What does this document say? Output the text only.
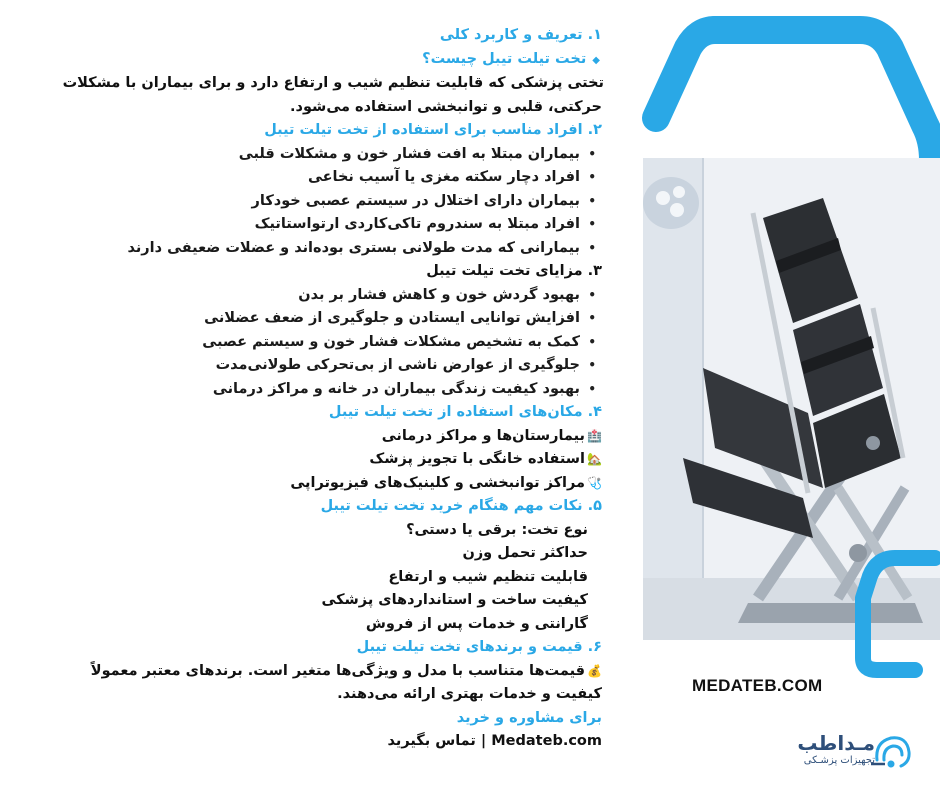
MEDATEB.COM
۱. تعریف و کاربرد کلی
◆تخت تیلت تیبل چیست؟
تختی پزشکی که قابلیت تنظیم شیب و ارتفاع دارد و برای بیماران با مشکلات
حرکتی، قلبی و توانبخشی استفاده می‌شود.
۲. افراد مناسب برای استفاده از تخت تیلت تیبل
• بیماران مبتلا به افت فشار خون و مشکلات قلبی
• افراد دچار سکته مغزی یا آسیب نخاعی
• بیماران دارای اختلال در سیستم عصبی خودکار
• افراد مبتلا به سندروم تاکی‌کاردی ارتواستاتیک
• بیمارانی که مدت طولانی بستری بوده‌اند و عضلات ضعیفی دارند
۳. مزایای تخت تیلت تیبل
• بهبود گردش خون و کاهش فشار بر بدن
• افزایش توانایی ایستادن و جلوگیری از ضعف عضلانی
• کمک به تشخیص مشکلات فشار خون و سیستم عصبی
• جلوگیری از عوارض ناشی از بی‌تحرکی طولانی‌مدت
• بهبود کیفیت زندگی بیماران در خانه و مراکز درمانی
۴. مکان‌های استفاده از تخت تیلت تیبل
🏥بیمارستان‌ها و مراکز درمانی
🏡استفاده خانگی با تجویز پزشک
🩺مراکز توانبخشی و کلینیک‌های فیزیوتراپی
۵. نکات مهم هنگام خرید تخت تیلت تیبل
نوع تخت: برقی یا دستی؟
حداکثر تحمل وزن
قابلیت تنظیم شیب و ارتفاع
کیفیت ساخت و استانداردهای پزشکی
گارانتی و خدمات پس از فروش
۶. قیمت و برندهای تخت تیلت تیبل
💰قیمت‌ها متناسب با مدل و ویژگی‌ها متغیر است. برندهای معتبر معمولاً
کیفیت و خدمات بهتری ارائه می‌دهند.
برای مشاوره و خرید
Medateb.com | تماس بگیرید	مـداطب
تجهیزات پزشـکی
